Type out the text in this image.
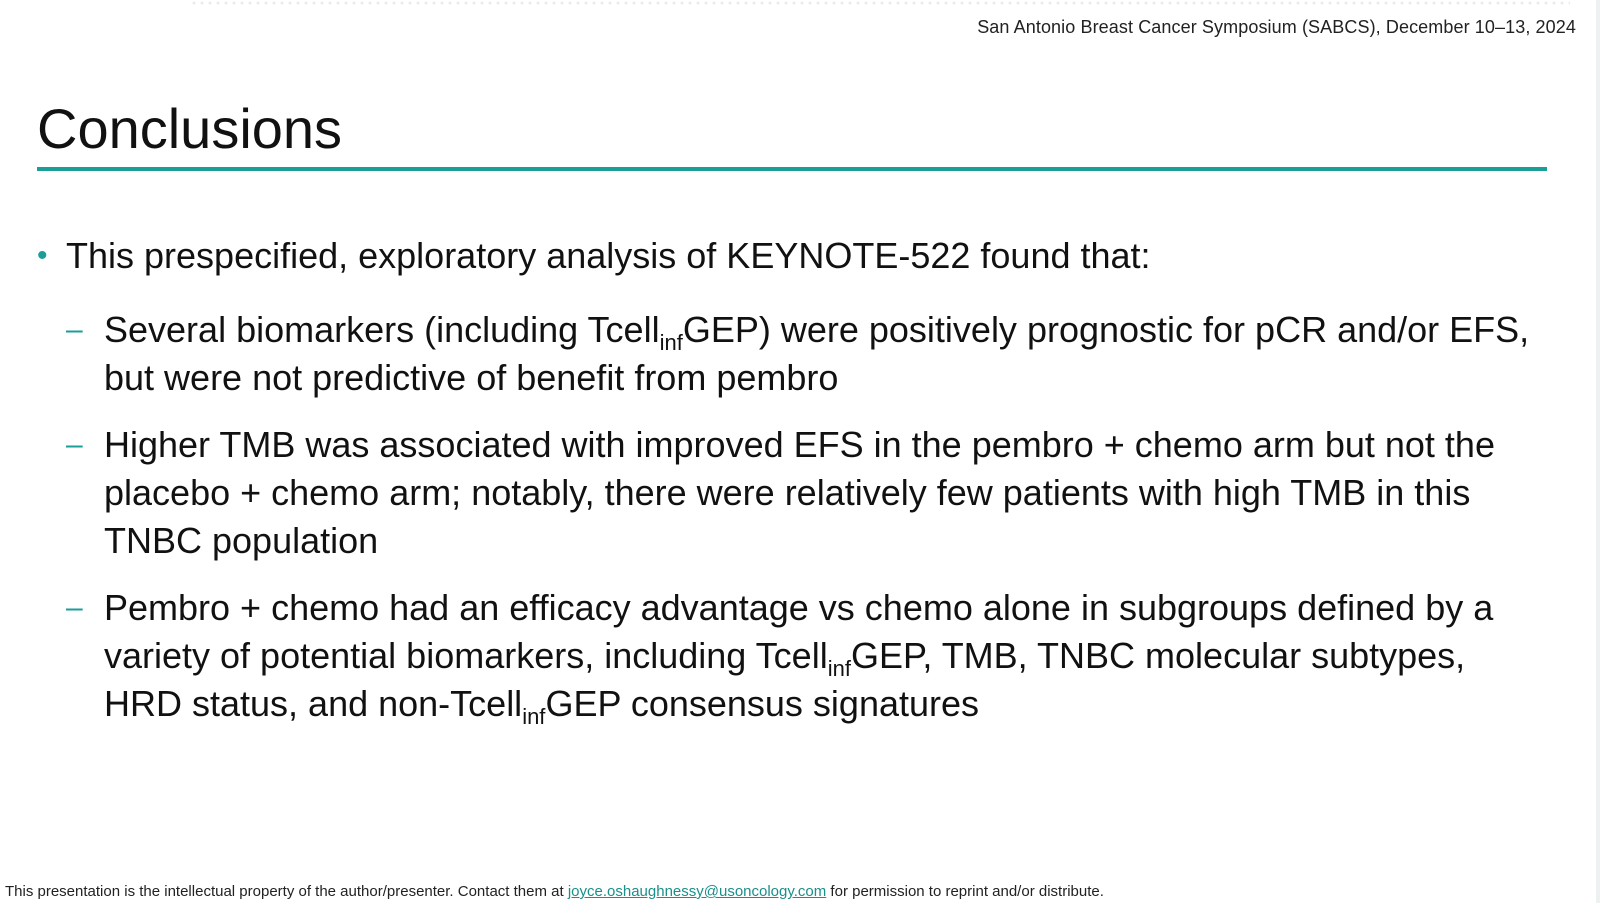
San Antonio Breast Cancer Symposium (SABCS), December 10–13, 2024
Conclusions
• This prespecified, exploratory analysis of KEYNOTE-522 found that:
– Several biomarkers (including Tcell$_{inf}$GEP) were positively prognostic for pCR and/or EFS, but were not predictive of benefit from pembro
– Higher TMB was associated with improved EFS in the pembro + chemo arm but not the placebo + chemo arm; notably, there were relatively few patients with high TMB in this TNBC population
– Pembro + chemo had an efficacy advantage vs chemo alone in subgroups defined by a variety of potential biomarkers, including Tcell$_{inf}$GEP, TMB, TNBC molecular subtypes, HRD status, and non-Tcell$_{inf}$GEP consensus signatures
This presentation is the intellectual property of the author/presenter. Contact them at joyce.oshaughnessy@usoncology.com for permission to reprint and/or distribute.
